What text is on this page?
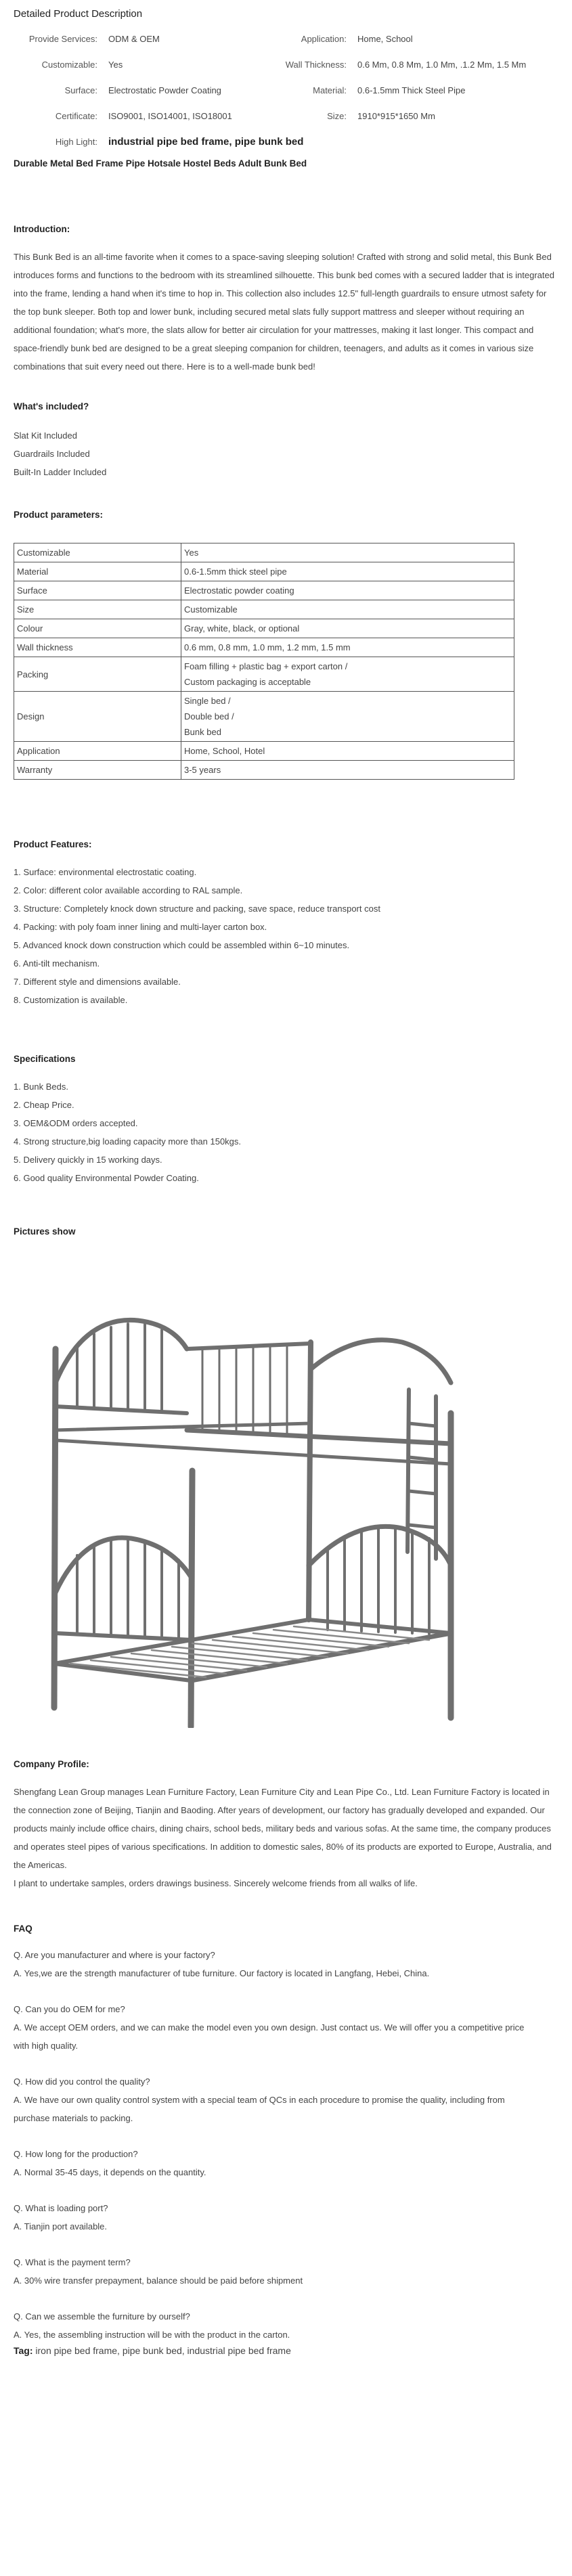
Detailed Product Description
Provide Services:	ODM & OEM	Application:	Home, School
Customizable:	Yes	Wall Thickness:	0.6 Mm, 0.8 Mm, 1.0 Mm, .1.2 Mm, 1.5 Mm
Surface:	Electrostatic Powder Coating	Material:	0.6-1.5mm Thick Steel Pipe
Certificate:	ISO9001, ISO14001, ISO18001	Size:	1910*915*1650 Mm
High Light:	industrial pipe bed frame, pipe bunk bed		
Durable Metal Bed Frame Pipe Hotsale Hostel Beds Adult Bunk Bed
Introduction:
This Bunk Bed is an all-time favorite when it comes to a space-saving sleeping solution! Crafted with strong and solid metal, this Bunk Bed introduces forms and functions to the bedroom with its streamlined silhouette. This bunk bed comes with a secured ladder that is integrated into the frame, lending a hand when it's time to hop in. This collection also includes 12.5" full-length guardrails to ensure utmost safety for the top bunk sleeper. Both top and lower bunk, including secured metal slats fully support mattress and sleeper without requiring an additional foundation; what's more, the slats allow for better air circulation for your mattresses, making it last longer. This compact and space-friendly bunk bed are designed to be a great sleeping companion for children, teenagers, and adults as it comes in various size combinations that suit every need out there. Here is to a well-made bunk bed!
What's included?
Slat Kit Included
Guardrails Included
Built-In Ladder Included
Product parameters:
Customizable	Yes

Material	0.6-1.5mm thick steel pipe

Surface	Electrostatic powder coating

Size	Customizable

Colour	Gray, white, black, or optional

Wall thickness	0.6 mm, 0.8 mm, 1.0 mm, 1.2 mm, 1.5 mm

Packing	Foam filling + plastic bag + export carton /
Custom packaging is acceptable

Design	Single bed /
Double bed /
Bunk bed

Application	Home, School, Hotel

Warranty	3-5 years
Product Features:
1. Surface: environmental electrostatic coating.
2. Color: different color available according to RAL sample.
3. Structure: Completely knock down structure and packing, save space, reduce transport cost
4. Packing: with poly foam inner lining and multi-layer carton box.
5. Advanced knock down construction which could be assembled within 6~10 minutes.
6. Anti-tilt mechanism.
7. Different style and dimensions available.
8. Customization is available.
Specifications
1. Bunk Beds.
2. Cheap Price.
3. OEM&ODM orders accepted.
4. Strong structure,big loading capacity more than 150kgs.
5. Delivery quickly in 15 working days.
6. Good quality Environmental Powder Coating.
Pictures show
Company Profile:
Shengfang Lean Group manages Lean Furniture Factory, Lean Furniture City and Lean Pipe Co., Ltd. Lean Furniture Factory is located in the connection zone of Beijing, Tianjin and Baoding. After years of development, our factory has gradually developed and expanded. Our products mainly include office chairs, dining chairs, school beds, military beds and various sofas. At the same time, the company produces and operates steel pipes of various specifications. In addition to domestic sales, 80% of its products are exported to Europe, Australia, and the Americas.
I plant to undertake samples, orders drawings business. Sincerely welcome friends from all walks of life.
FAQ
Q. Are you manufacturer and where is your factory?
A. Yes,we are the strength manufacturer of tube furniture. Our factory is located in Langfang, Hebei, China.
Q. Can you do OEM for me?
A. We accept OEM orders, and we can make the model even you own design. Just contact us. We will offer you a competitive price
with high quality.
Q. How did you control the quality?
A. We have our own quality control system with a special team of QCs in each procedure to promise the quality, including from
purchase materials to packing.
Q. How long for the production?
A. Normal 35-45 days, it depends on the quantity.
Q. What is loading port?
A. Tianjin port available.
Q. What is the payment term?
A. 30% wire transfer prepayment, balance should be paid before shipment
Q. Can we assemble the furniture by ourself?
A. Yes, the assembling instruction will be with the product in the carton.
Tag: iron pipe bed frame, pipe bunk bed, industrial pipe bed frame
